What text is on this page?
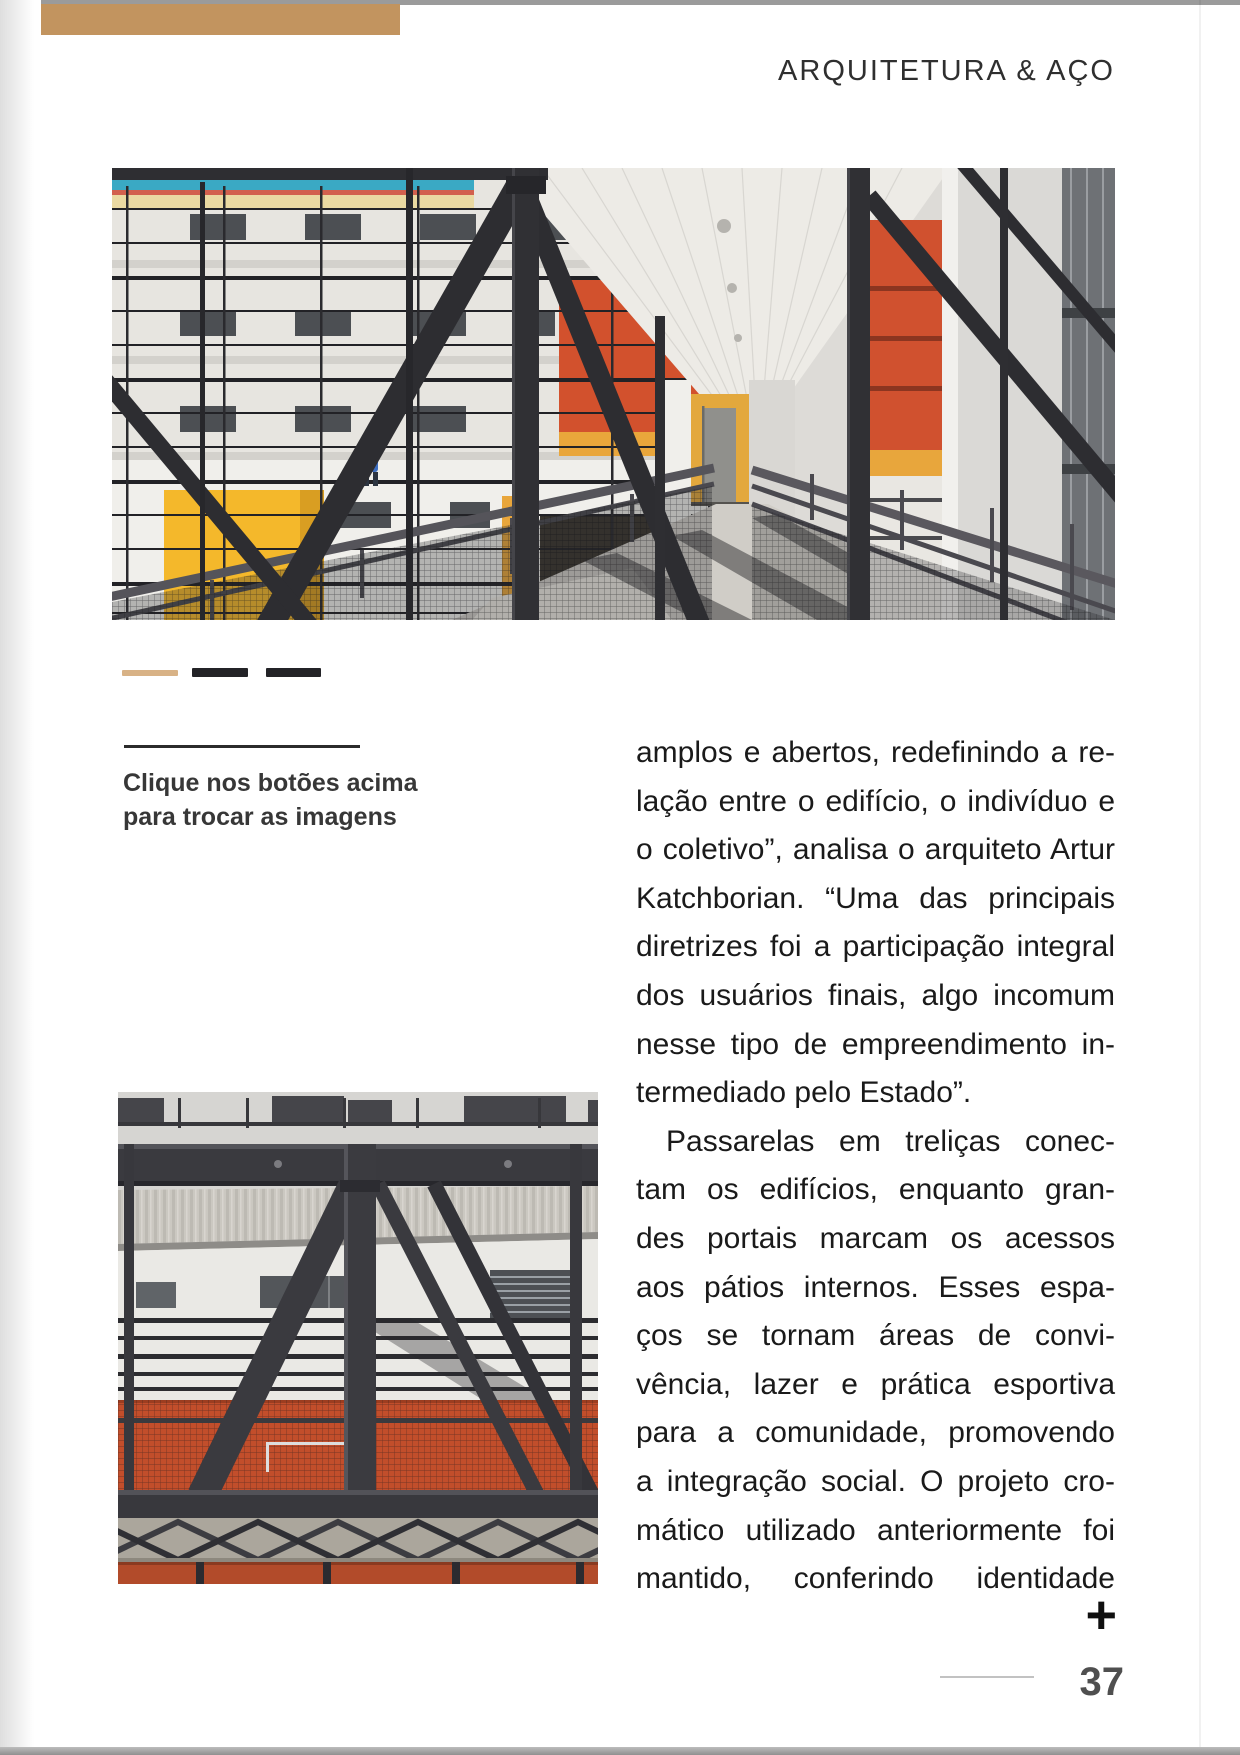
ARQUITETURA & AÇO
Clique nos botões acima
para trocar as imagens
amplos e abertos, redefinindo a re-
lação entre o edifício, o indivíduo e
o coletivo”, analisa o arquiteto Artur
Katchborian. “Uma das principais
diretrizes foi a participação integral
dos usuários finais, algo incomum
nesse tipo de empreendimento in-
termediado pelo Estado”.
Passarelas em treliças conec-
tam os edifícios, enquanto gran-
des portais marcam os acessos
aos pátios internos. Esses espa-
ços se tornam áreas de convi-
vência, lazer e prática esportiva
para a comunidade, promovendo
a integração social. O projeto cro-
mático utilizado anteriormente foi
mantido, conferindo identidade
+
37
